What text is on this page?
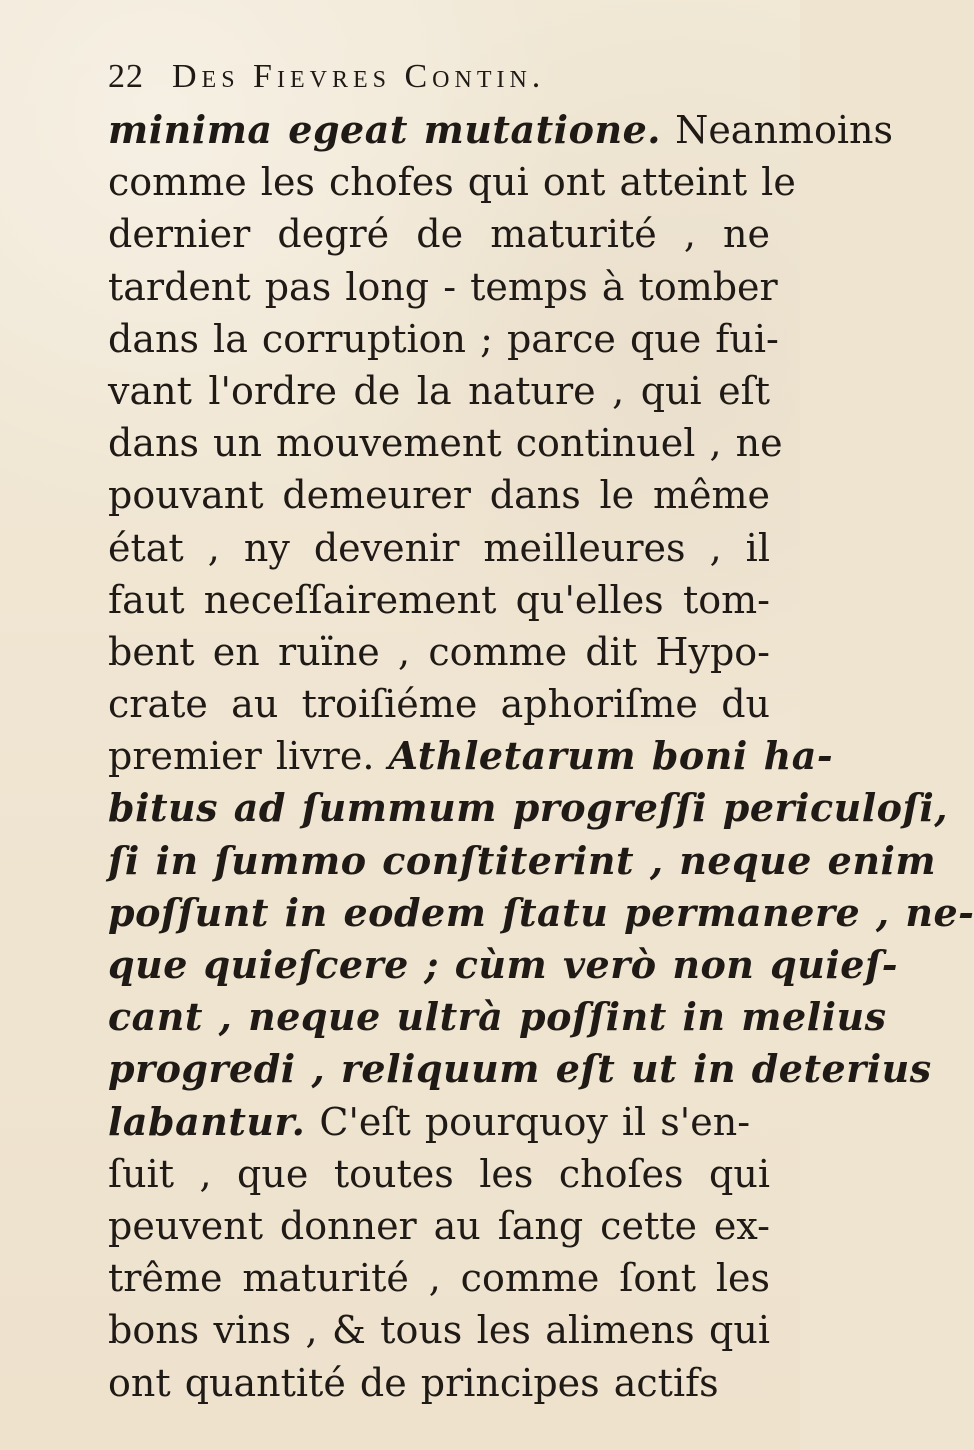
22 Des Fievres Contin.
minima egeat mutatione. Neanmoins
comme les chofes qui ont atteint le
dernier degré de maturité , ne
tardent pas long - temps à tomber
dans la corruption ; parce que fui-
vant l'ordre de la nature , qui eſt
dans un mouvement continuel , ne
pouvant demeurer dans le même
état , ny devenir meilleures , il
faut neceſſairement qu'elles tom-
bent en ruïne , comme dit Hypo-
crate au troiſiéme aphoriſme du
premier livre. Athletarum boni ha-
bitus ad ſummum progreſſi periculoſi,
ſi in ſummo conſtiterint , neque enim
poſſunt in eodem ſtatu permanere , ne-
que quieſcere ; cùm verò non quieſ-
cant , neque ultrà poſſint in melius
progredi , reliquum eſt ut in deterius
labantur. C'eſt pourquoy il s'en-
ſuit , que toutes les choſes qui
peuvent donner au ſang cette ex-
trême maturité , comme ſont les
bons vins , & tous les alimens qui
ont quantité de principes actifs
